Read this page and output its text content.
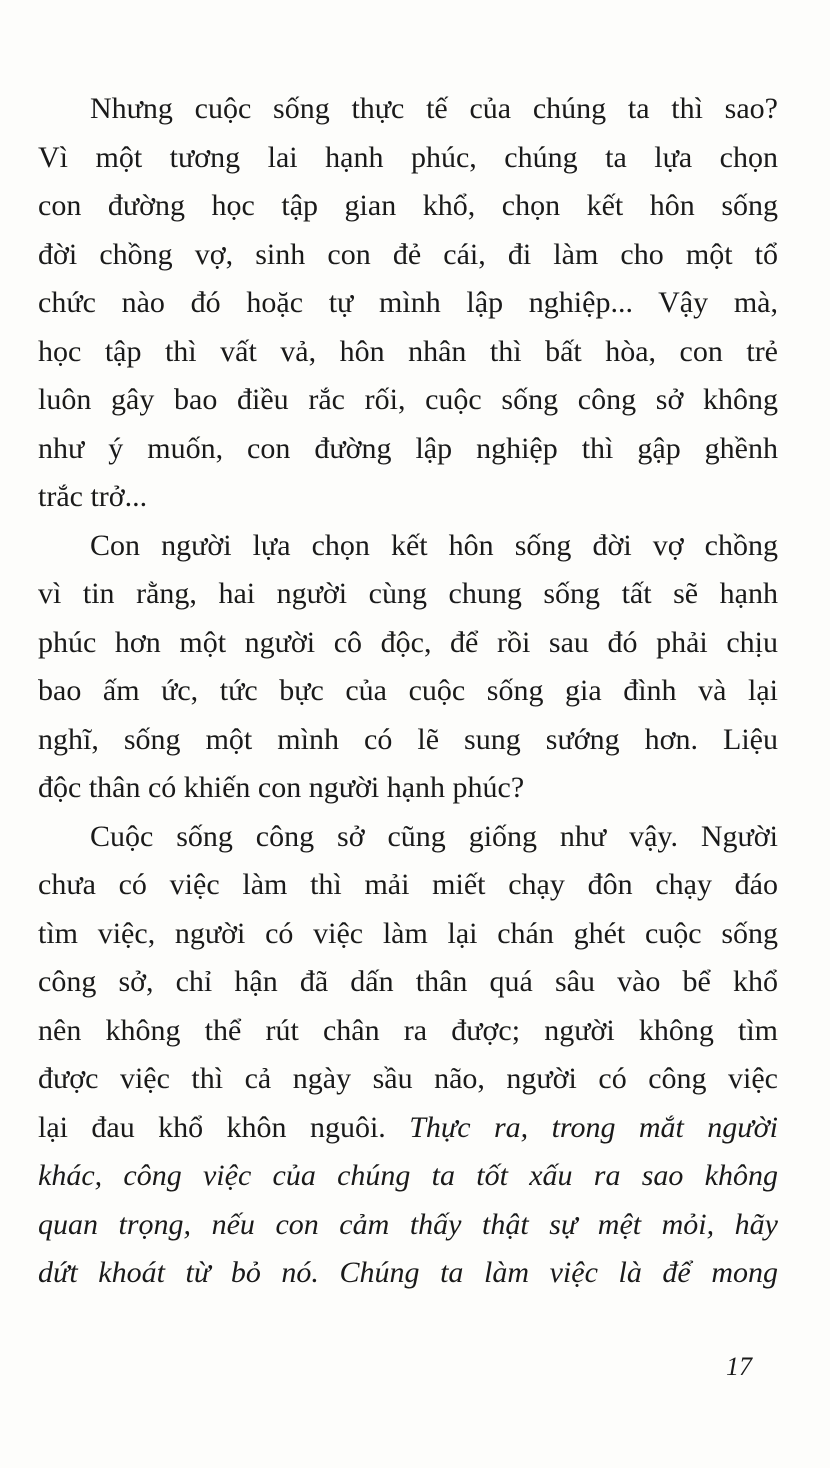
Nhưng cuộc sống thực tế của chúng ta thì sao?
Vì một tương lai hạnh phúc, chúng ta lựa chọn
con đường học tập gian khổ, chọn kết hôn sống
đời chồng vợ, sinh con đẻ cái, đi làm cho một tổ
chức nào đó hoặc tự mình lập nghiệp... Vậy mà,
học tập thì vất vả, hôn nhân thì bất hòa, con trẻ
luôn gây bao điều rắc rối, cuộc sống công sở không
như ý muốn, con đường lập nghiệp thì gập ghềnh
trắc trở...
Con người lựa chọn kết hôn sống đời vợ chồng
vì tin rằng, hai người cùng chung sống tất sẽ hạnh
phúc hơn một người cô độc, để rồi sau đó phải chịu
bao ấm ức, tức bực của cuộc sống gia đình và lại
nghĩ, sống một mình có lẽ sung sướng hơn. Liệu
độc thân có khiến con người hạnh phúc?
Cuộc sống công sở cũng giống như vậy. Người
chưa có việc làm thì mải miết chạy đôn chạy đáo
tìm việc, người có việc làm lại chán ghét cuộc sống
công sở, chỉ hận đã dấn thân quá sâu vào bể khổ
nên không thể rút chân ra được; người không tìm
được việc thì cả ngày sầu não, người có công việc
lại đau khổ khôn nguôi. Thực ra, trong mắt người
khác, công việc của chúng ta tốt xấu ra sao không
quan trọng, nếu con cảm thấy thật sự mệt mỏi, hãy
dứt khoát từ bỏ nó. Chúng ta làm việc là để mong
17
